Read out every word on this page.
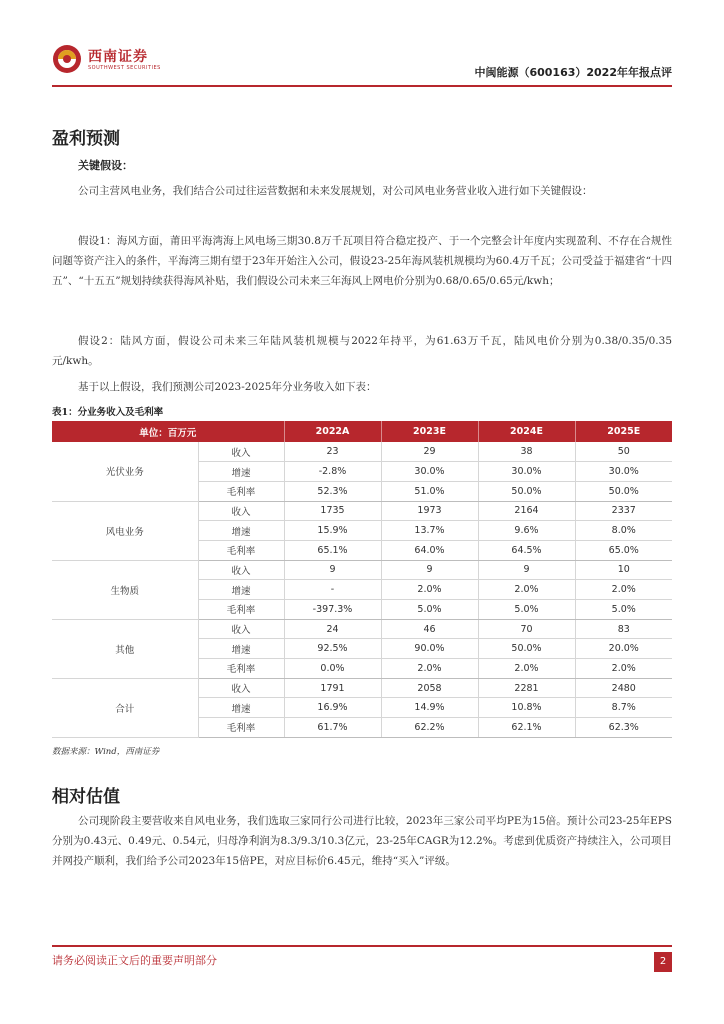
西南证券
SOUTHWEST SECURITIES	中闽能源（600163）2022年年报点评
盈利预测
关键假设：

公司主营风电业务，我们结合公司过往运营数据和未来发展规划，对公司风电业务营业收入进行如下关键假设：

假设1：海风方面，莆田平海湾海上风电场三期30.8万千瓦项目符合稳定投产、于一个完整会计年度内实现盈利、不存在合规性问题等资产注入的条件，平海湾三期有望于23年开始注入公司，假设23-25年海风装机规模均为60.4万千瓦；公司受益于福建省“十四五”、“十五五”规划持续获得海风补贴，我们假设公司未来三年海风上网电价分别为0.68/0.65/0.65元/kwh；

假设2：陆风方面，假设公司未来三年陆风装机规模与2022年持平，为61.63万千瓦，陆风电价分别为0.38/0.35/0.35元/kwh。

基于以上假设，我们预测公司2023-2025年分业务收入如下表：

表1：分业务收入及毛利率
单位：百万元		2022A	2023E	2024E	2025E
光伏业务	收入	23	29	38	50
	增速	-2.8%	30.0%	30.0%	30.0%
	毛利率	52.3%	51.0%	50.0%	50.0%
风电业务	收入	1735	1973	2164	2337
	增速	15.9%	13.7%	9.6%	8.0%
	毛利率	65.1%	64.0%	64.5%	65.0%
生物质	收入	9	9	9	10
	增速	-	2.0%	2.0%	2.0%
	毛利率	-397.3%	5.0%	5.0%	5.0%
其他	收入	24	46	70	83
	增速	92.5%	90.0%	50.0%	20.0%
	毛利率	0.0%	2.0%	2.0%	2.0%
合计	收入	1791	2058	2281	2480
	增速	16.9%	14.9%	10.8%	8.7%
	毛利率	61.7%	62.2%	62.1%	62.3%
数据来源：Wind，西南证券
相对估值

公司现阶段主要营收来自风电业务，我们选取三家同行公司进行比较，2023年三家公司平均PE为15倍。预计公司23-25年EPS分别为0.43元、0.49元、0.54元，归母净利润为8.3/9.3/10.3亿元，23-25年CAGR为12.2%。考虑到优质资产持续注入，公司项目并网投产顺利，我们给予公司2023年15倍PE，对应目标价6.45元，维持“买入”评级。

请务必阅读正文后的重要声明部分	2
